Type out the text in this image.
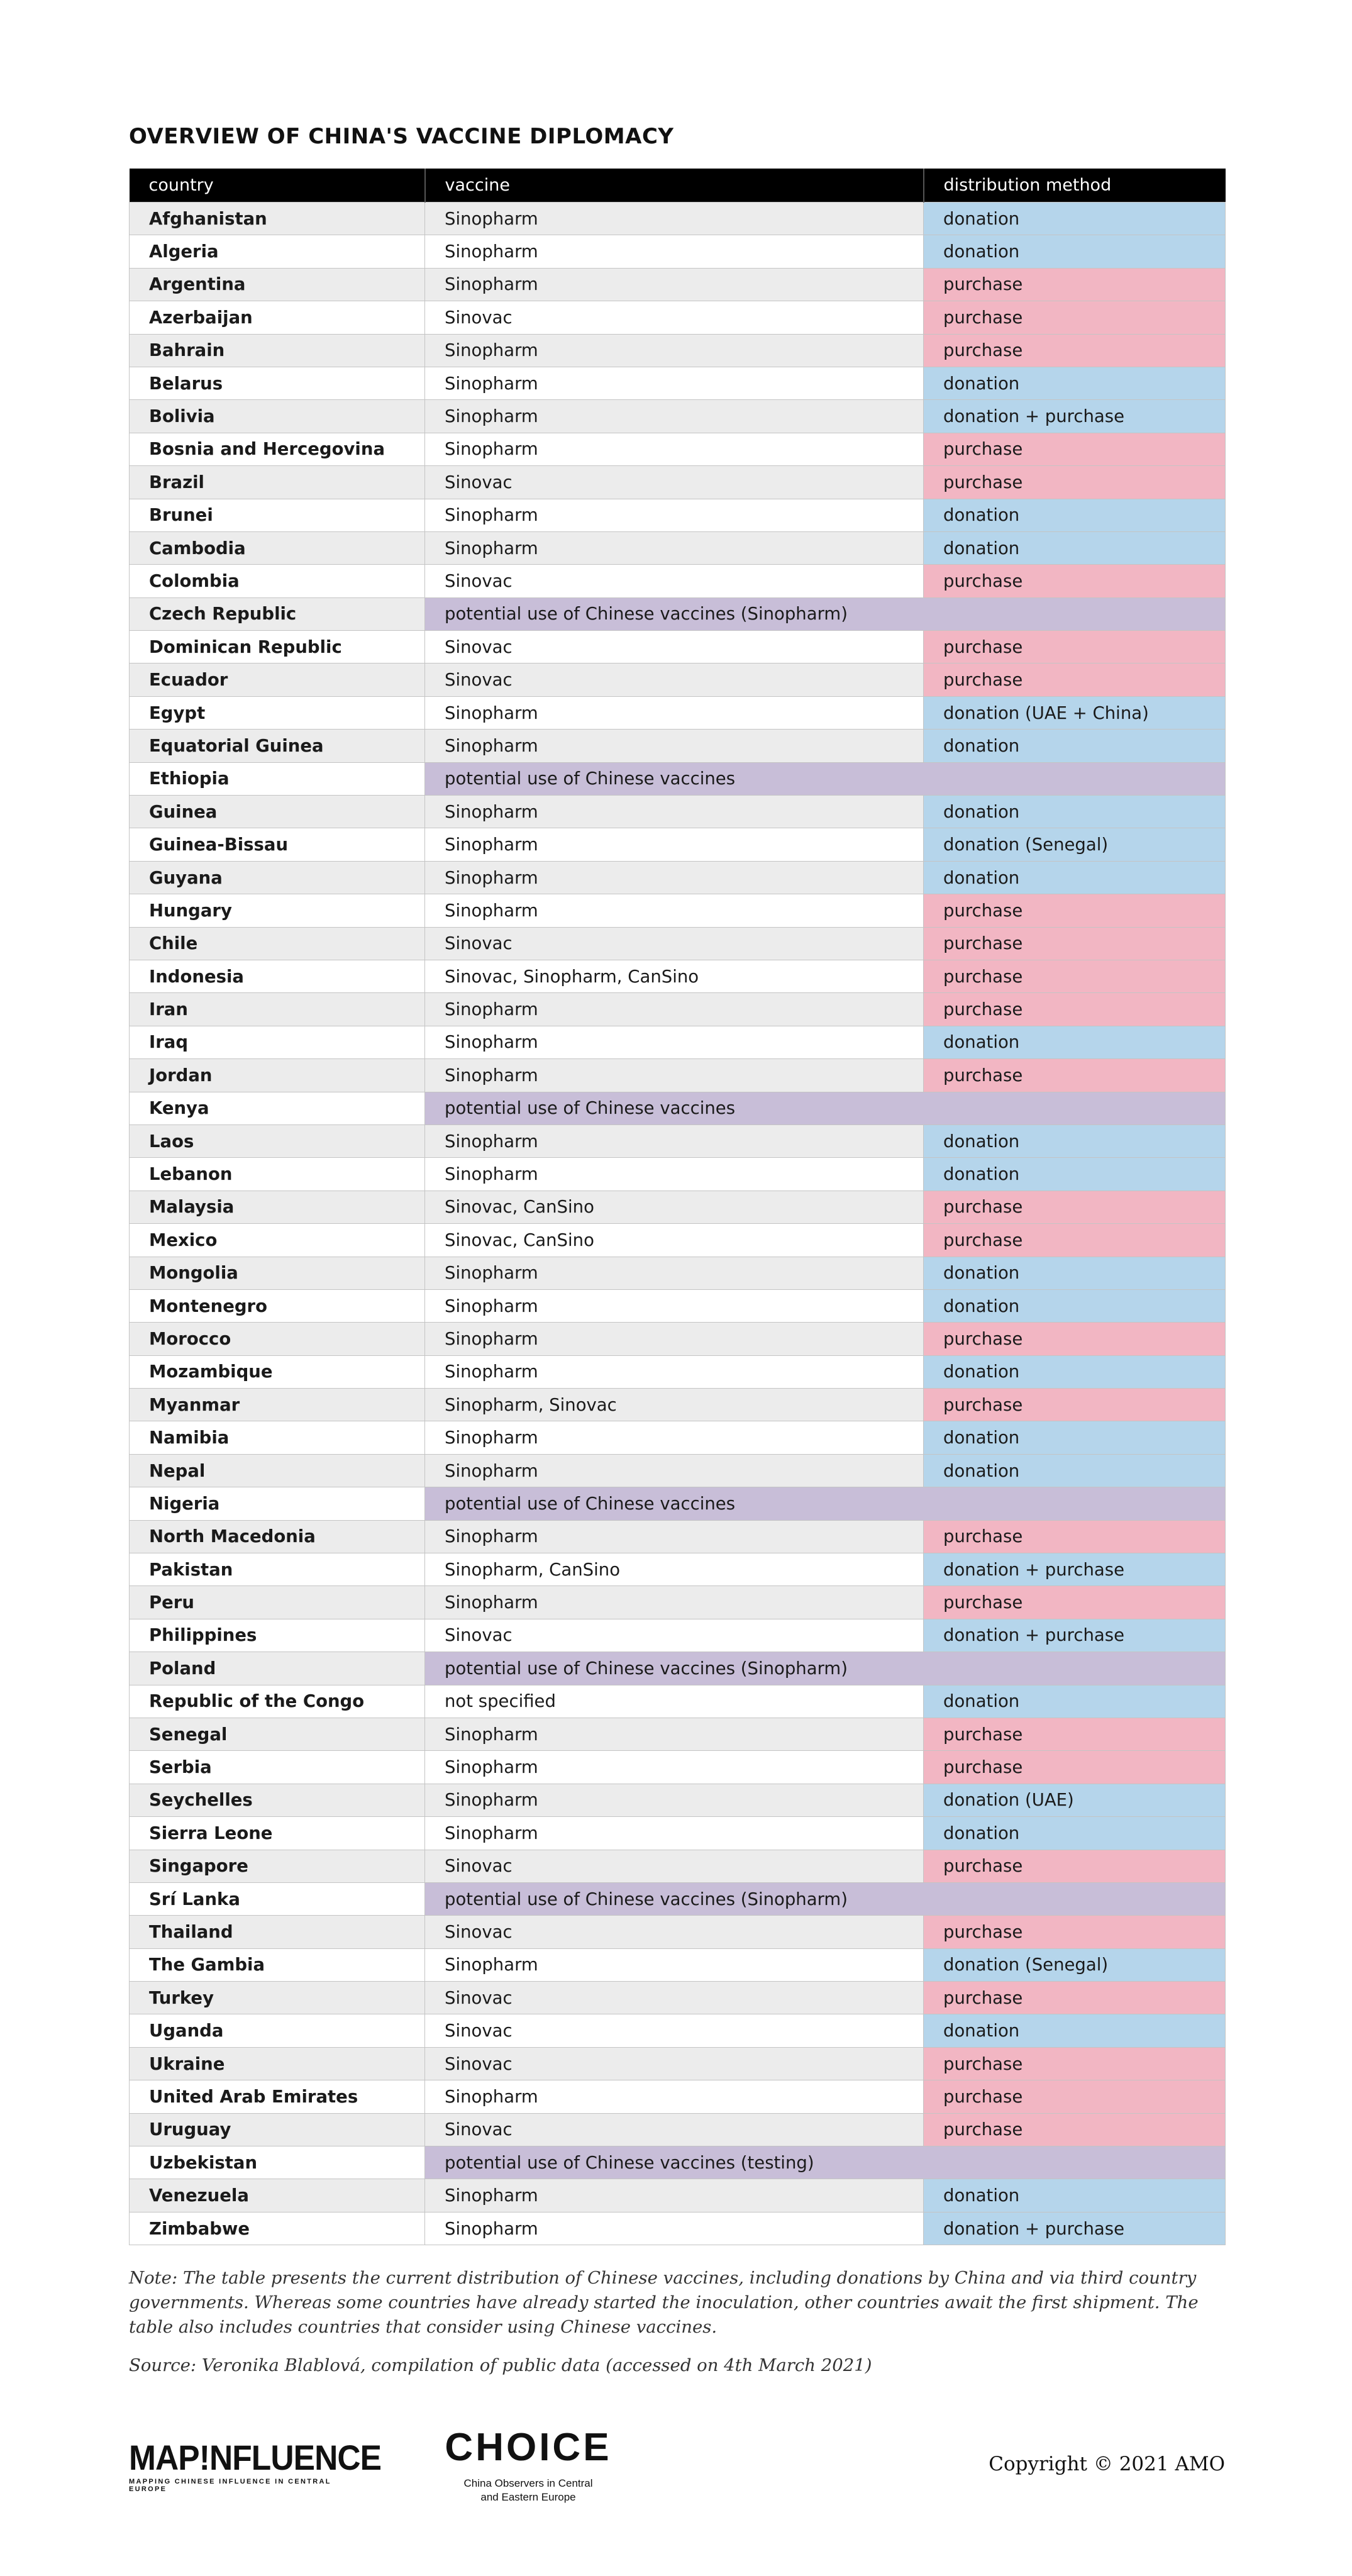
OVERVIEW OF CHINA'S VACCINE DIPLOMACY
country	vaccine	distribution method
Afghanistan	Sinopharm	donation
Algeria	Sinopharm	donation
Argentina	Sinopharm	purchase
Azerbaijan	Sinovac	purchase
Bahrain	Sinopharm	purchase
Belarus	Sinopharm	donation
Bolivia	Sinopharm	donation + purchase
Bosnia and Hercegovina	Sinopharm	purchase
Brazil	Sinovac	purchase
Brunei	Sinopharm	donation
Cambodia	Sinopharm	donation
Colombia	Sinovac	purchase
Czech Republic	potential use of Chinese vaccines (Sinopharm)	
Dominican Republic	Sinovac	purchase
Ecuador	Sinovac	purchase
Egypt	Sinopharm	donation (UAE + China)
Equatorial Guinea	Sinopharm	donation
Ethiopia	potential use of Chinese vaccines	
Guinea	Sinopharm	donation
Guinea-Bissau	Sinopharm	donation (Senegal)
Guyana	Sinopharm	donation
Hungary	Sinopharm	purchase
Chile	Sinovac	purchase
Indonesia	Sinovac, Sinopharm, CanSino	purchase
Iran	Sinopharm	purchase
Iraq	Sinopharm	donation
Jordan	Sinopharm	purchase
Kenya	potential use of Chinese vaccines	
Laos	Sinopharm	donation
Lebanon	Sinopharm	donation
Malaysia	Sinovac, CanSino	purchase
Mexico	Sinovac, CanSino	purchase
Mongolia	Sinopharm	donation
Montenegro	Sinopharm	donation
Morocco	Sinopharm	purchase
Mozambique	Sinopharm	donation
Myanmar	Sinopharm, Sinovac	purchase
Namibia	Sinopharm	donation
Nepal	Sinopharm	donation
Nigeria	potential use of Chinese vaccines	
North Macedonia	Sinopharm	purchase
Pakistan	Sinopharm, CanSino	donation + purchase
Peru	Sinopharm	purchase
Philippines	Sinovac	donation + purchase
Poland	potential use of Chinese vaccines (Sinopharm)	
Republic of the Congo	not specified	donation
Senegal	Sinopharm	purchase
Serbia	Sinopharm	purchase
Seychelles	Sinopharm	donation (UAE)
Sierra Leone	Sinopharm	donation
Singapore	Sinovac	purchase
Srí Lanka	potential use of Chinese vaccines (Sinopharm)	
Thailand	Sinovac	purchase
The Gambia	Sinopharm	donation (Senegal)
Turkey	Sinovac	purchase
Uganda	Sinovac	donation
Ukraine	Sinovac	purchase
United Arab Emirates	Sinopharm	purchase
Uruguay	Sinovac	purchase
Uzbekistan	potential use of Chinese vaccines (testing)	
Venezuela	Sinopharm	donation
Zimbabwe	Sinopharm	donation + purchase
Note: The table presents the current distribution of Chinese vaccines, including donations by China and via third country governments. Whereas some countries have already started the inoculation, other countries await the first shipment. The table also includes countries that consider using Chinese vaccines.
Source: Veronika Blablová, compilation of public data (accessed on 4th March 2021)
MAP!NFLUENCE
MAPPING CHINESE INFLUENCE IN CENTRAL EUROPE
CHOICE
China Observers in Central
and Eastern Europe
Copyright © 2021 AMO
